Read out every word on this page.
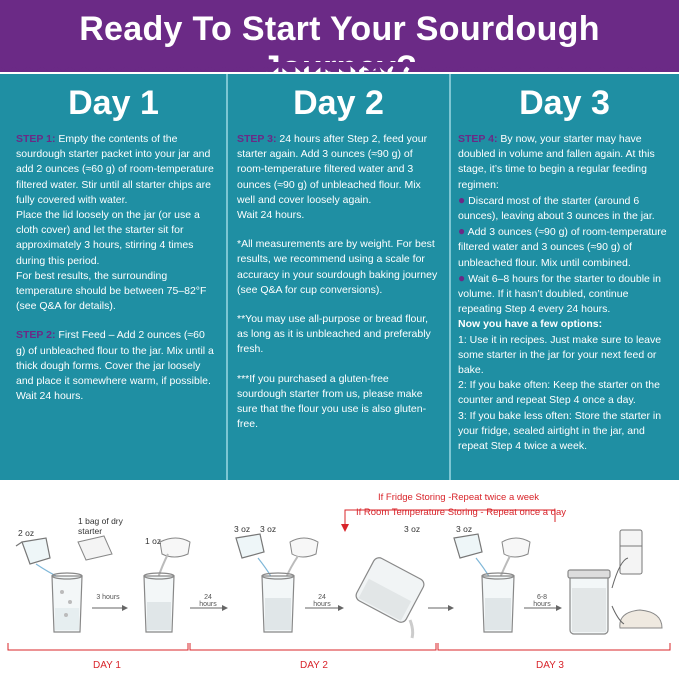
Ready To Start Your Sourdough
Day 1

STEP 1: Empty the contents of the sourdough starter packet into your jar and add 2 ounces (≈60 g) of room-temperature filtered water. Stir until all starter chips are fully covered with water.

Place the lid loosely on the jar (or use a cloth cover) and let the starter sit for approximately 3 hours, stirring 4 times during this period.

For best results, the surrounding temperature should be between 75–82°F (see Q&A for details).

STEP 2: First Feed – Add 2 ounces (≈60 g) of unbleached flour to the jar. Mix until a thick dough forms. Cover the jar loosely and place it somewhere warm, if possible.

Wait 24 hours.

Day 2

STEP 3: 24 hours after Step 2, feed your starter again. Add 3 ounces (≈90 g) of room-temperature filtered water and 3 ounces (≈90 g) of unbleached flour. Mix well and cover loosely again.

Wait 24 hours.

*All measurements are by weight. For best results, we recommend using a scale for accuracy in your sourdough baking journey (see Q&A for cup conversions).

**You may use all-purpose or bread flour, as long as it is unbleached and preferably fresh.

***If you purchased a gluten-free sourdough starter from us, please make sure that the flour you use is also gluten-free.

Day 3

STEP 4: By now, your starter may have doubled in volume and fallen again. At this stage, it’s time to begin a regular feeding regimen:

● Discard most of the starter (around 6 ounces), leaving about 3 ounces in the jar.

● Add 3 ounces (≈90 g) of room-temperature filtered water and 3 ounces (≈90 g) of unbleached flour. Mix until combined.

● Wait 6–8 hours for the starter to double in volume. If it hasn’t doubled, continue repeating Step 4 every 24 hours.

Now you have a few options:

1: Use it in recipes. Just make sure to leave some starter in the jar for your next feed or bake.

2: If you bake often: Keep the starter on the counter and repeat Step 4 once a day.

3: If you bake less often: Store the starter in your fridge, sealed airtight in the jar, and repeat Step 4 twice a week.

If Fridge Storing -Repeat twice a week
If Room Temperature Storing - Repeat once a day
2 oz
1 bag of dry starter
1 oz
3 oz 3 oz	3 oz	3 oz
3 hours	24 hours
24 hours
6-8 hours
DAY 1	DAY 2	DAY 3
